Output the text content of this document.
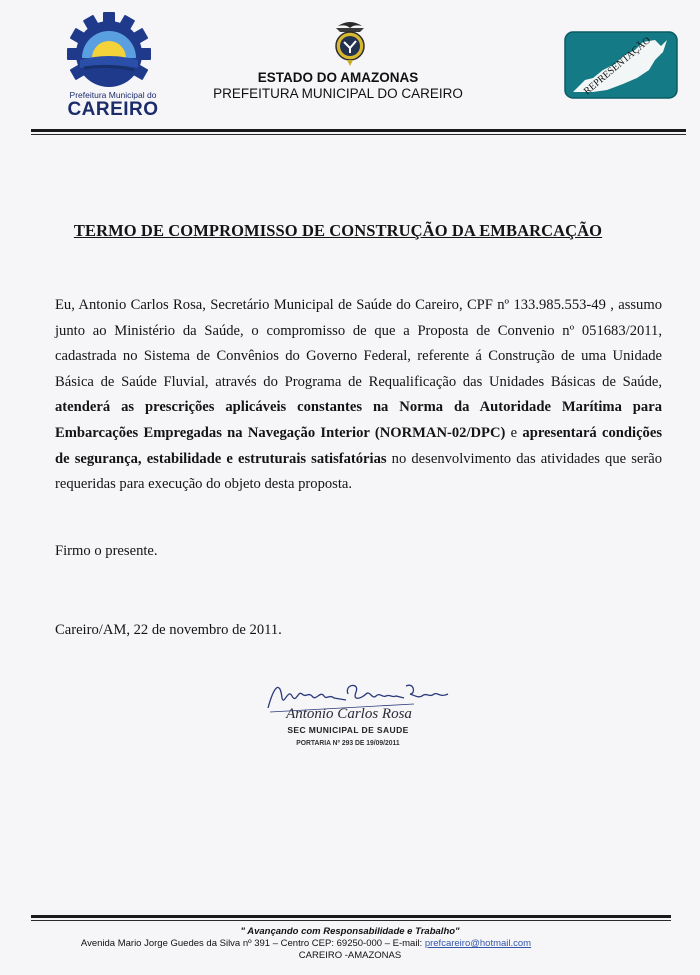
Prefeitura Municipal do
CAREIRO
ESTADO DO AMAZONAS
PREFEITURA MUNICIPAL DO CAREIRO	REPRESENTAÇÃO
TERMO DE COMPROMISSO DE CONSTRUÇÃO DA EMBARCAÇÃO
Eu, Antonio Carlos Rosa, Secretário Municipal de Saúde do Careiro, CPF nº 133.985.553-49 , assumo junto ao Ministério da Saúde, o compromisso de que a Proposta de Convenio nº 051683/2011, cadastrada no Sistema de Convênios do Governo Federal, referente á Construção de uma Unidade Básica de Saúde Fluvial, através do Programa de Requalificação das Unidades Básicas de Saúde, atenderá as prescrições aplicáveis constantes na Norma da Autoridade Marítima para Embarcações Empregadas na Navegação Interior (NORMAN-02/DPC) e apresentará condições de segurança, estabilidade e estruturais satisfatórias no desenvolvimento das atividades que serão requeridas para execução do objeto desta proposta.
Firmo o presente.
Careiro/AM, 22 de novembro de 2011.
Antonio Carlos Rosa
SEC MUNICIPAL DE SAUDE
PORTARIA Nº 293 DE 19/09/2011
" Avançando com Responsabilidade e Trabalho"
Avenida Mario Jorge Guedes da Silva nº 391 – Centro CEP: 69250-000 – E-mail: prefcareiro@hotmail.com
CAREIRO -AMAZONAS
